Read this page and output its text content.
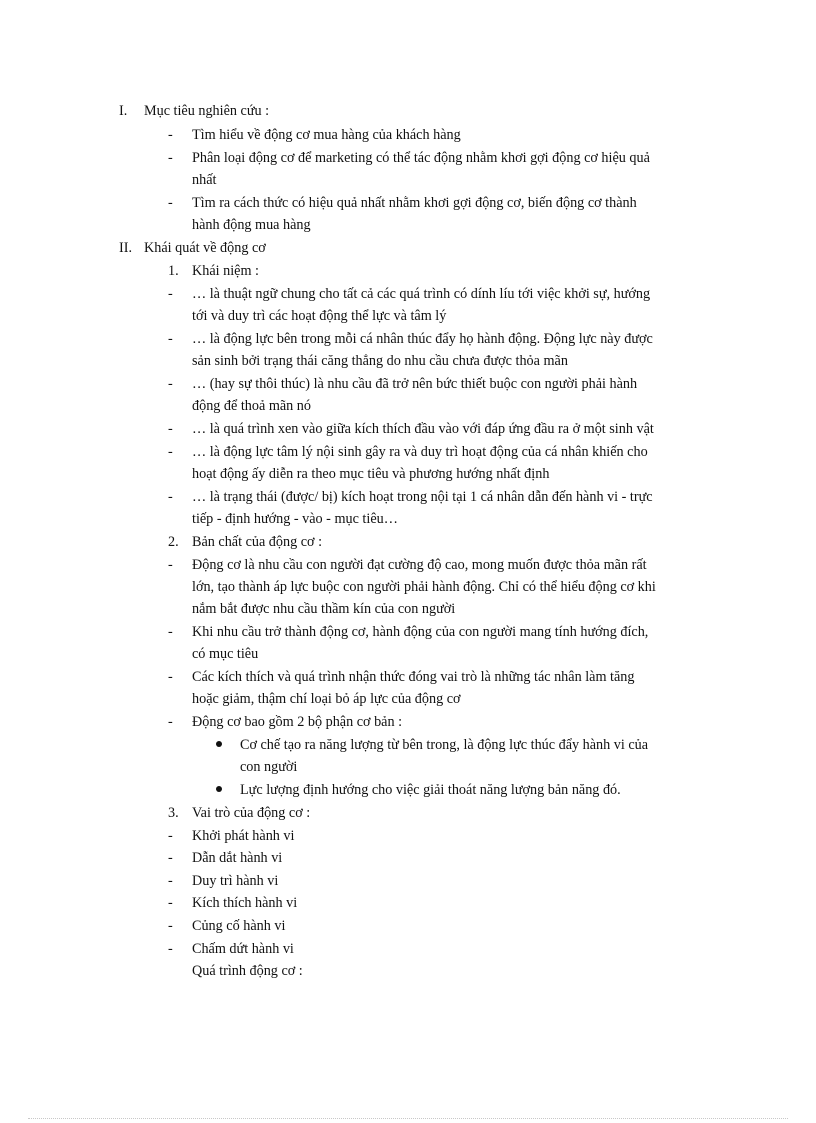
I. Mục tiêu nghiên cứu :
- Tìm hiểu về động cơ mua hàng của khách hàng
- Phân loại động cơ để marketing có thể tác động nhằm khơi gợi động cơ hiệu quả
nhất
- Tìm ra cách thức có hiệu quả nhất nhằm khơi gợi động cơ, biến động cơ thành
hành động mua hàng
II. Khái quát về động cơ
1. Khái niệm :
- … là thuật ngữ chung cho tất cả các quá trình có dính líu tới việc khởi sự, hướng
tới và duy trì các hoạt động thể lực và tâm lý
- … là động lực bên trong mỗi cá nhân thúc đẩy họ hành động. Động lực này được
sản sinh bởi trạng thái căng thẳng do nhu cầu chưa được thỏa mãn
- … (hay sự thôi thúc) là nhu cầu đã trở nên bức thiết buộc con người phải hành
động để thoả mãn nó
- … là quá trình xen vào giữa kích thích đầu vào với đáp ứng đầu ra ở một sinh vật
- … là động lực tâm lý nội sinh gây ra và duy trì hoạt động của cá nhân khiến cho
hoạt động ấy diễn ra theo mục tiêu và phương hướng nhất định
- … là trạng thái (được/ bị) kích hoạt trong nội tại 1 cá nhân dẫn đến hành vi - trực
tiếp - định hướng - vào - mục tiêu…
2. Bản chất của động cơ :
- Động cơ là nhu cầu con người đạt cường độ cao, mong muốn được thỏa mãn rất
lớn, tạo thành áp lực buộc con người phải hành động. Chỉ có thể hiểu động cơ khi
nắm bắt được nhu cầu thầm kín của con người
- Khi nhu cầu trở thành động cơ, hành động của con người mang tính hướng đích,
có mục tiêu
- Các kích thích và quá trình nhận thức đóng vai trò là những tác nhân làm tăng
hoặc giảm, thậm chí loại bỏ áp lực của động cơ
- Động cơ bao gồm 2 bộ phận cơ bản :
Cơ chế tạo ra năng lượng từ bên trong, là động lực thúc đẩy hành vi của
con người
Lực lượng định hướng cho việc giải thoát năng lượng bản năng đó.
3. Vai trò của động cơ :
- Khởi phát hành vi
- Dẫn dắt hành vi
- Duy trì hành vi
- Kích thích hành vi
- Củng cố hành vi
- Chấm dứt hành vi
Quá trình động cơ :
